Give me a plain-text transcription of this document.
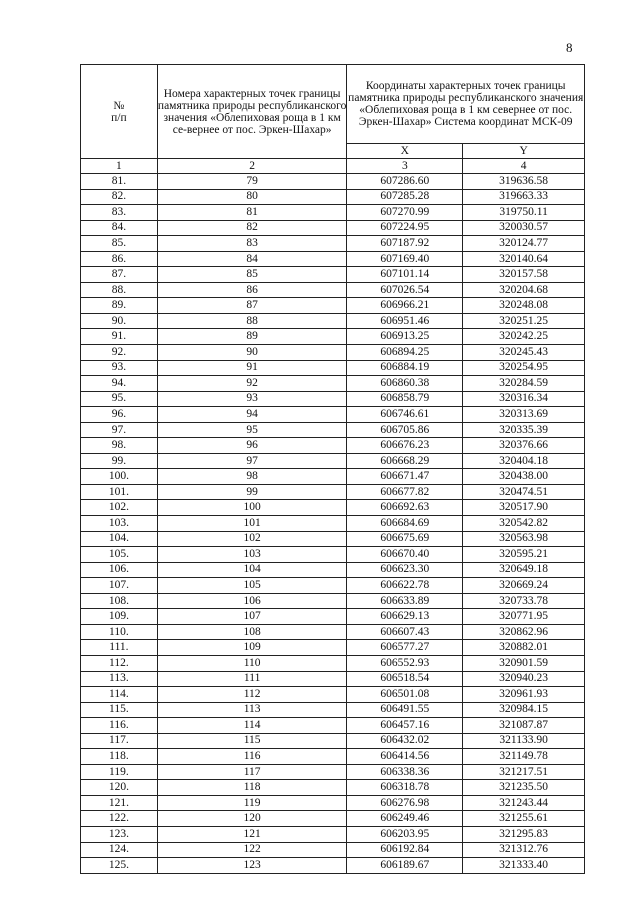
8
№
п/п	Номера характерных точек границы памятника природы республиканского значения «Облепиховая роща в 1 км се-вернее от пос. Эркен-Шахар»	Координаты характерных точек границы памятника природы республиканского значения «Облепиховая роща в 1 км севернее от пос. Эркен-Шахар» Система координат МСК-09	
		X	Y
1	2	3	4
81.	79	607286.60	319636.58
82.	80	607285.28	319663.33
83.	81	607270.99	319750.11
84.	82	607224.95	320030.57
85.	83	607187.92	320124.77
86.	84	607169.40	320140.64
87.	85	607101.14	320157.58
88.	86	607026.54	320204.68
89.	87	606966.21	320248.08
90.	88	606951.46	320251.25
91.	89	606913.25	320242.25
92.	90	606894.25	320245.43
93.	91	606884.19	320254.95
94.	92	606860.38	320284.59
95.	93	606858.79	320316.34
96.	94	606746.61	320313.69
97.	95	606705.86	320335.39
98.	96	606676.23	320376.66
99.	97	606668.29	320404.18
100.	98	606671.47	320438.00
101.	99	606677.82	320474.51
102.	100	606692.63	320517.90
103.	101	606684.69	320542.82
104.	102	606675.69	320563.98
105.	103	606670.40	320595.21
106.	104	606623.30	320649.18
107.	105	606622.78	320669.24
108.	106	606633.89	320733.78
109.	107	606629.13	320771.95
110.	108	606607.43	320862.96
111.	109	606577.27	320882.01
112.	110	606552.93	320901.59
113.	111	606518.54	320940.23
114.	112	606501.08	320961.93
115.	113	606491.55	320984.15
116.	114	606457.16	321087.87
117.	115	606432.02	321133.90
118.	116	606414.56	321149.78
119.	117	606338.36	321217.51
120.	118	606318.78	321235.50
121.	119	606276.98	321243.44
122.	120	606249.46	321255.61
123.	121	606203.95	321295.83
124.	122	606192.84	321312.76
125.	123	606189.67	321333.40
